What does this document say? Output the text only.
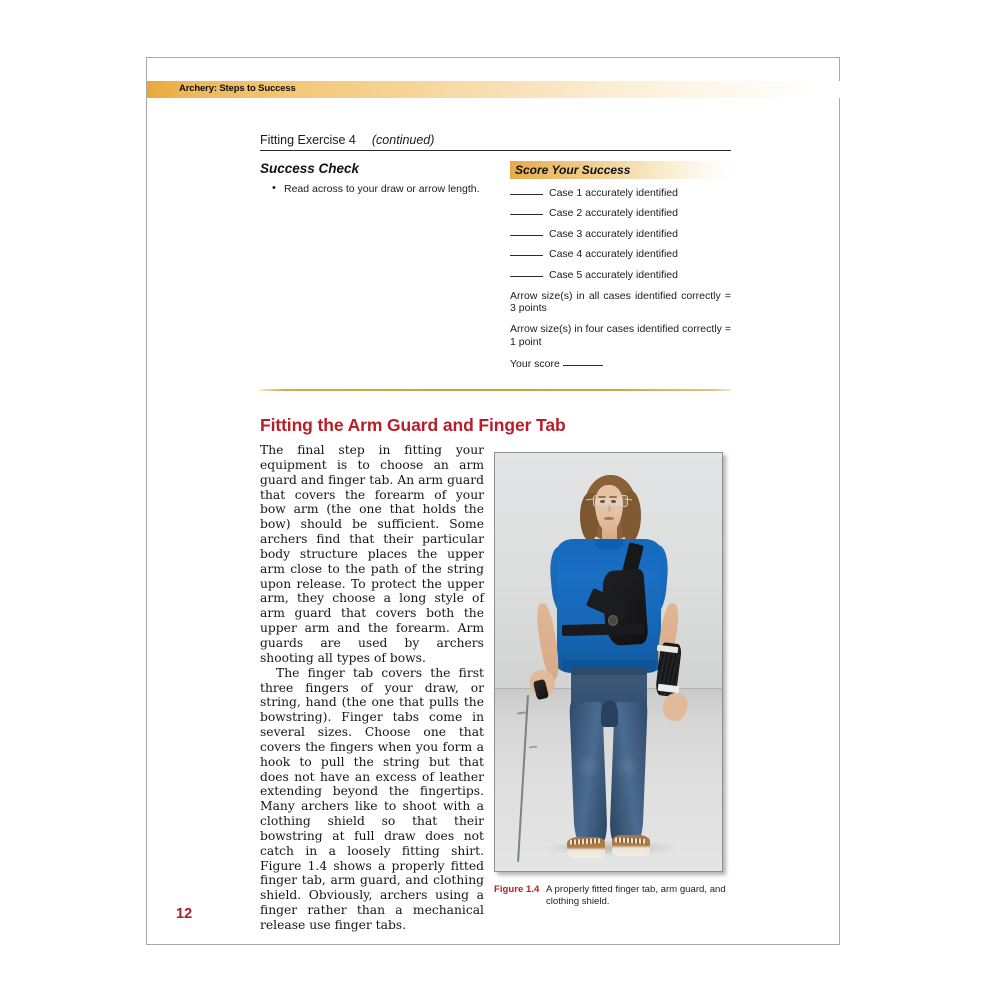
Archery: Steps to Success
Fitting Exercise 4 (continued)
Success Check
• Read across to your draw or arrow length.
Score Your Success
Case 1 accurately identified
Case 2 accurately identified
Case 3 accurately identified
Case 4 accurately identified
Case 5 accurately identified
Arrow size(s) in all cases identified correctly = 3 points
Arrow size(s) in four cases identified correctly = 1 point
Your score
Fitting the Arm Guard and Finger Tab

The final step in fitting your equipment is to choose an arm guard and finger tab. An arm guard that covers the forearm of your bow arm (the one that holds the bow) should be sufficient. Some archers find that their particular body structure places the upper arm close to the path of the string upon release. To protect the upper arm, they choose a long style of arm guard that covers both the upper arm and the forearm. Arm guards are used by archers shooting all types of bows.

The finger tab covers the first three fingers of your draw, or string, hand (the one that pulls the bowstring). Finger tabs come in several sizes. Choose one that covers the fingers when you form a hook to pull the string but that does not have an excess of leather extending beyond the fingertips. Many archers like to shoot with a clothing shield so that their bowstring at full draw does not catch in a loosely fitting shirt. Figure 1.4 shows a properly fitted finger tab, arm guard, and clothing shield. Obviously, archers using a finger rather than a mechanical release use finger tabs.

Figure 1.4 A properly fitted finger tab, arm guard, and clothing shield.
12
